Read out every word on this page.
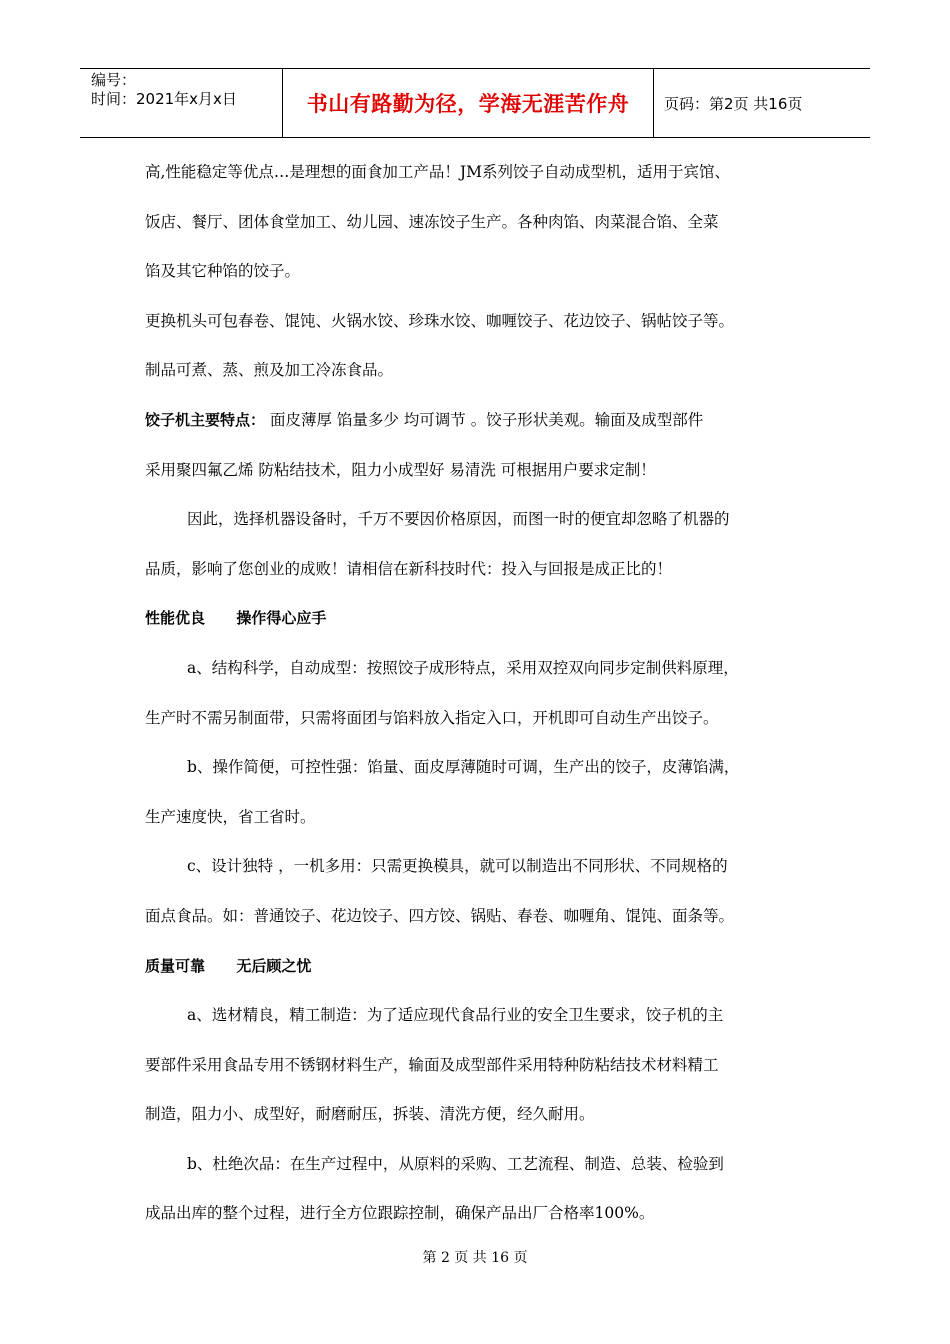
编号：
时间：2021年x月x日	书山有路勤为径，学海无涯苦作舟	页码：第2页 共16页
高,性能稳定等优点…是理想的面食加工产品！JM系列饺子自动成型机，适用于宾馆、
饭店、餐厅、团体食堂加工、幼儿园、速冻饺子生产。各种肉馅、肉菜混合馅、全菜
馅及其它种馅的饺子。
更换机头可包春卷、馄饨、火锅水饺、珍珠水饺、咖喱饺子、花边饺子、锅帖饺子等。
制品可煮、蒸、煎及加工冷冻食品。
饺子机主要特点： 面皮薄厚 馅量多少 均可调节 。饺子形状美观。输面及成型部件
采用聚四氟乙烯 防粘结技术，阻力小成型好 易清洗 可根据用户要求定制！
因此，选择机器设备时，千万不要因价格原因，而图一时的便宜却忽略了机器的
品质，影响了您创业的成败！请相信在新科技时代：投入与回报是成正比的！
性能优良      操作得心应手
a、结构科学，自动成型：按照饺子成形特点，采用双控双向同步定制供料原理，
生产时不需另制面带，只需将面团与馅料放入指定入口，开机即可自动生产出饺子。
b、操作简便，可控性强：馅量、面皮厚薄随时可调，生产出的饺子，皮薄馅满，
生产速度快，省工省时。
c、设计独特 ，一机多用：只需更换模具，就可以制造出不同形状、不同规格的
面点食品。如：普通饺子、花边饺子、四方饺、锅贴、春卷、咖喱角、馄饨、面条等。
质量可靠      无后顾之忧
a、选材精良，精工制造：为了适应现代食品行业的安全卫生要求，饺子机的主
要部件采用食品专用不锈钢材料生产，输面及成型部件采用特种防粘结技术材料精工
制造，阻力小、成型好，耐磨耐压，拆装、清洗方便，经久耐用。
b、杜绝次品：在生产过程中，从原料的采购、工艺流程、制造、总装、检验到
成品出库的整个过程，进行全方位跟踪控制，确保产品出厂合格率100%。
第 2 页 共 16 页
